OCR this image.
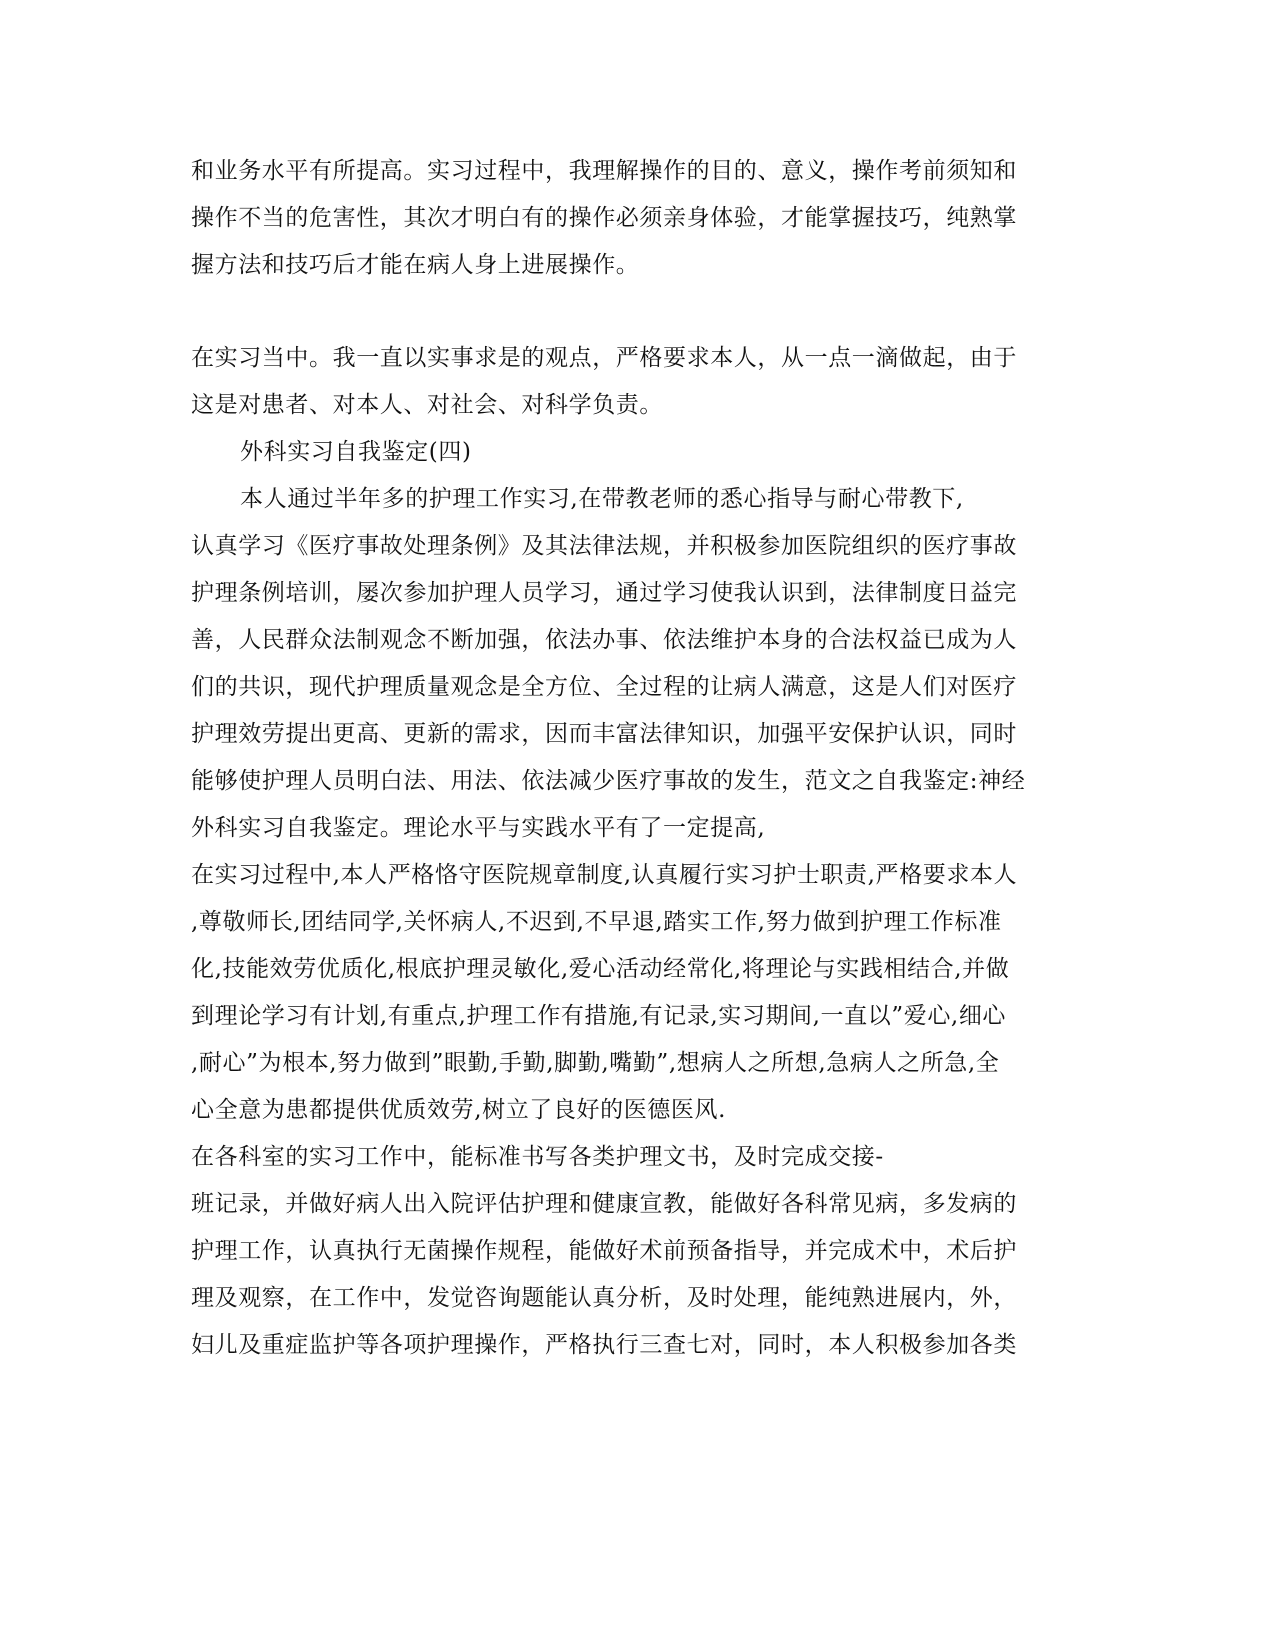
和业务水平有所提高。实习过程中，我理解操作的目的、意义，操作考前须知和
操作不当的危害性，其次才明白有的操作必须亲身体验，才能掌握技巧，纯熟掌
握方法和技巧后才能在病人身上进展操作。
在实习当中。我一直以实事求是的观点，严格要求本人，从一点一滴做起，由于
这是对患者、对本人、对社会、对科学负责。
外科实习自我鉴定(四)
本人通过半年多的护理工作实习,在带教老师的悉心指导与耐心带教下,
认真学习《医疗事故处理条例》及其法律法规，并积极参加医院组织的医疗事故
护理条例培训，屡次参加护理人员学习，通过学习使我认识到，法律制度日益完
善，人民群众法制观念不断加强，依法办事、依法维护本身的合法权益已成为人
们的共识，现代护理质量观念是全方位、全过程的让病人满意，这是人们对医疗
护理效劳提出更高、更新的需求，因而丰富法律知识，加强平安保护认识，同时
能够使护理人员明白法、用法、依法减少医疗事故的发生，范文之自我鉴定:神经
外科实习自我鉴定。理论水平与实践水平有了一定提高,
在实习过程中,本人严格恪守医院规章制度,认真履行实习护士职责,严格要求本人
,尊敬师长,团结同学,关怀病人,不迟到,不早退,踏实工作,努力做到护理工作标准
化,技能效劳优质化,根底护理灵敏化,爱心活动经常化,将理论与实践相结合,并做
到理论学习有计划,有重点,护理工作有措施,有记录,实习期间,一直以”爱心,细心
,耐心”为根本,努力做到”眼勤,手勤,脚勤,嘴勤”,想病人之所想,急病人之所急,全
心全意为患都提供优质效劳,树立了良好的医德医风.
在各科室的实习工作中，能标准书写各类护理文书，及时完成交接-
班记录，并做好病人出入院评估护理和健康宣教，能做好各科常见病，多发病的
护理工作，认真执行无菌操作规程，能做好术前预备指导，并完成术中，术后护
理及观察，在工作中，发觉咨询题能认真分析，及时处理，能纯熟进展内，外，
妇儿及重症监护等各项护理操作，严格执行三查七对，同时，本人积极参加各类
